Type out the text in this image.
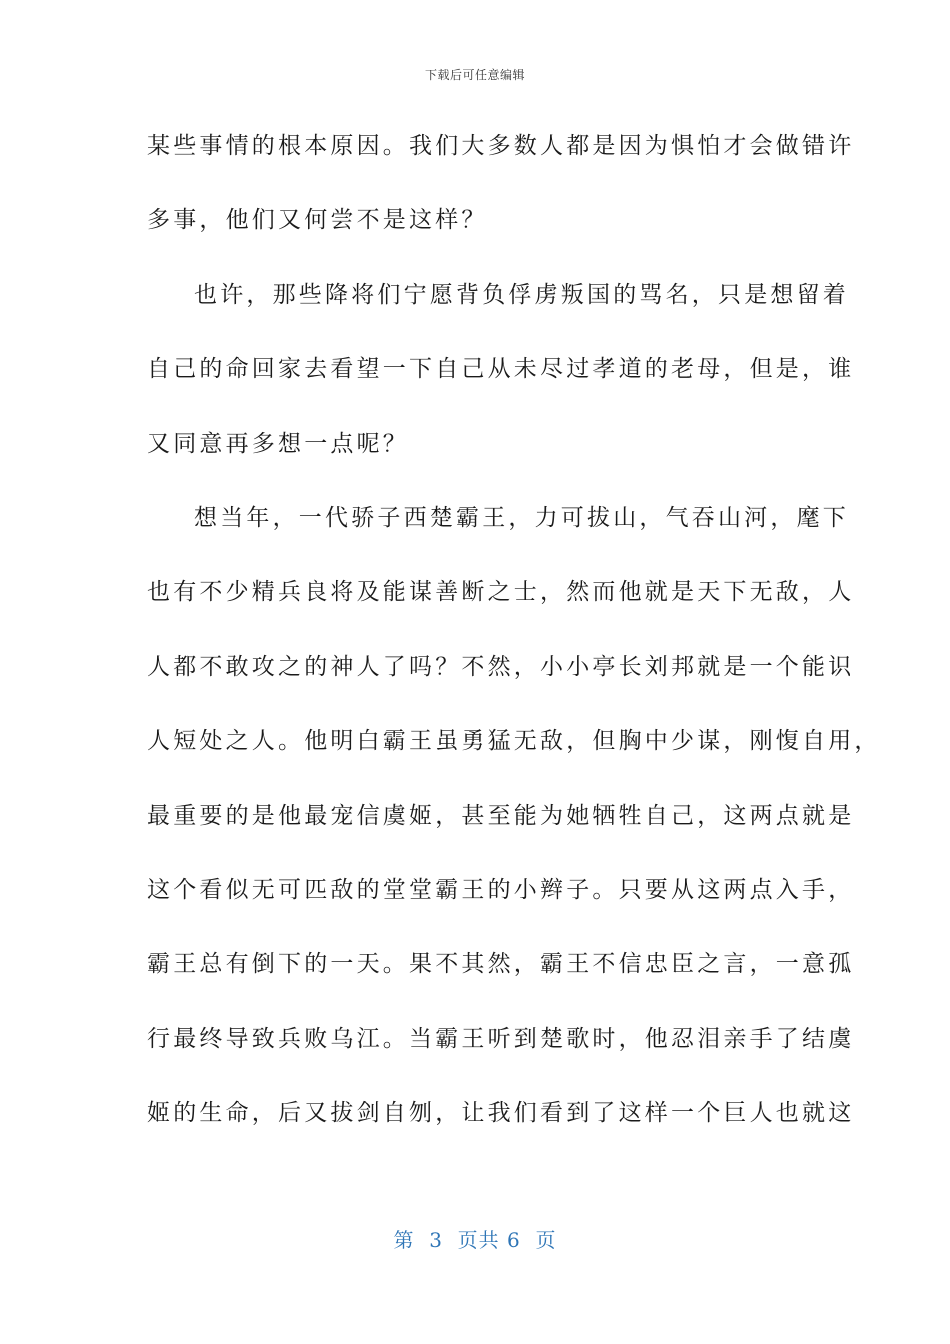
下载后可任意编辑
某些事情的根本原因。我们大多数人都是因为惧怕才会做错许
多事，他们又何尝不是这样？
也许，那些降将们宁愿背负俘虏叛国的骂名，只是想留着
自己的命回家去看望一下自己从未尽过孝道的老母，但是，谁
又同意再多想一点呢？
想当年，一代骄子西楚霸王，力可拔山，气吞山河，麾下
也有不少精兵良将及能谋善断之士，然而他就是天下无敌，人
人都不敢攻之的神人了吗？不然，小小亭长刘邦就是一个能识
人短处之人。他明白霸王虽勇猛无敌，但胸中少谋，刚愎自用，
最重要的是他最宠信虞姬，甚至能为她牺牲自己，这两点就是
这个看似无可匹敌的堂堂霸王的小辫子。只要从这两点入手，
霸王总有倒下的一天。果不其然，霸王不信忠臣之言，一意孤
行最终导致兵败乌江。当霸王听到楚歌时，他忍泪亲手了结虞
姬的生命，后又拔剑自刎，让我们看到了这样一个巨人也就这
第  3  页共 6  页
